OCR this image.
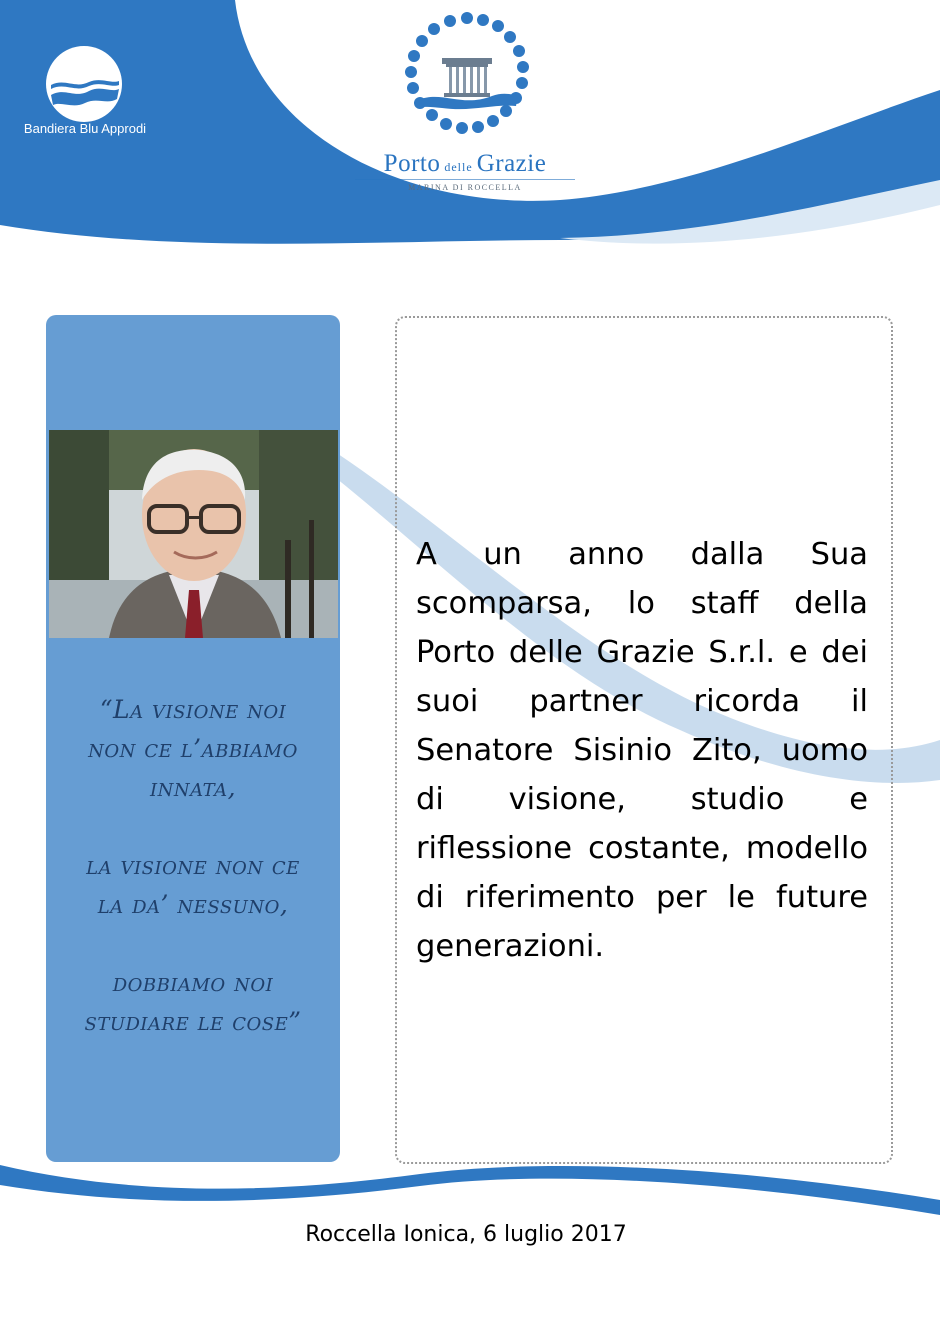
Bandiera Blu Approdi
Porto delle Grazie
MARINA DI ROCCELLA
“La visione noi
non ce l’abbiamo
innata,
la visione non ce
la da’ nessuno,
dobbiamo noi
studiare le cose”
A un anno dalla Sua scomparsa, lo staff della Porto delle Grazie S.r.l. e dei suoi partner ricorda il Senatore Sisinio Zito, uomo di visione, studio e riflessione costante, modello di riferimento per le future generazioni.
Roccella Ionica, 6 luglio 2017
